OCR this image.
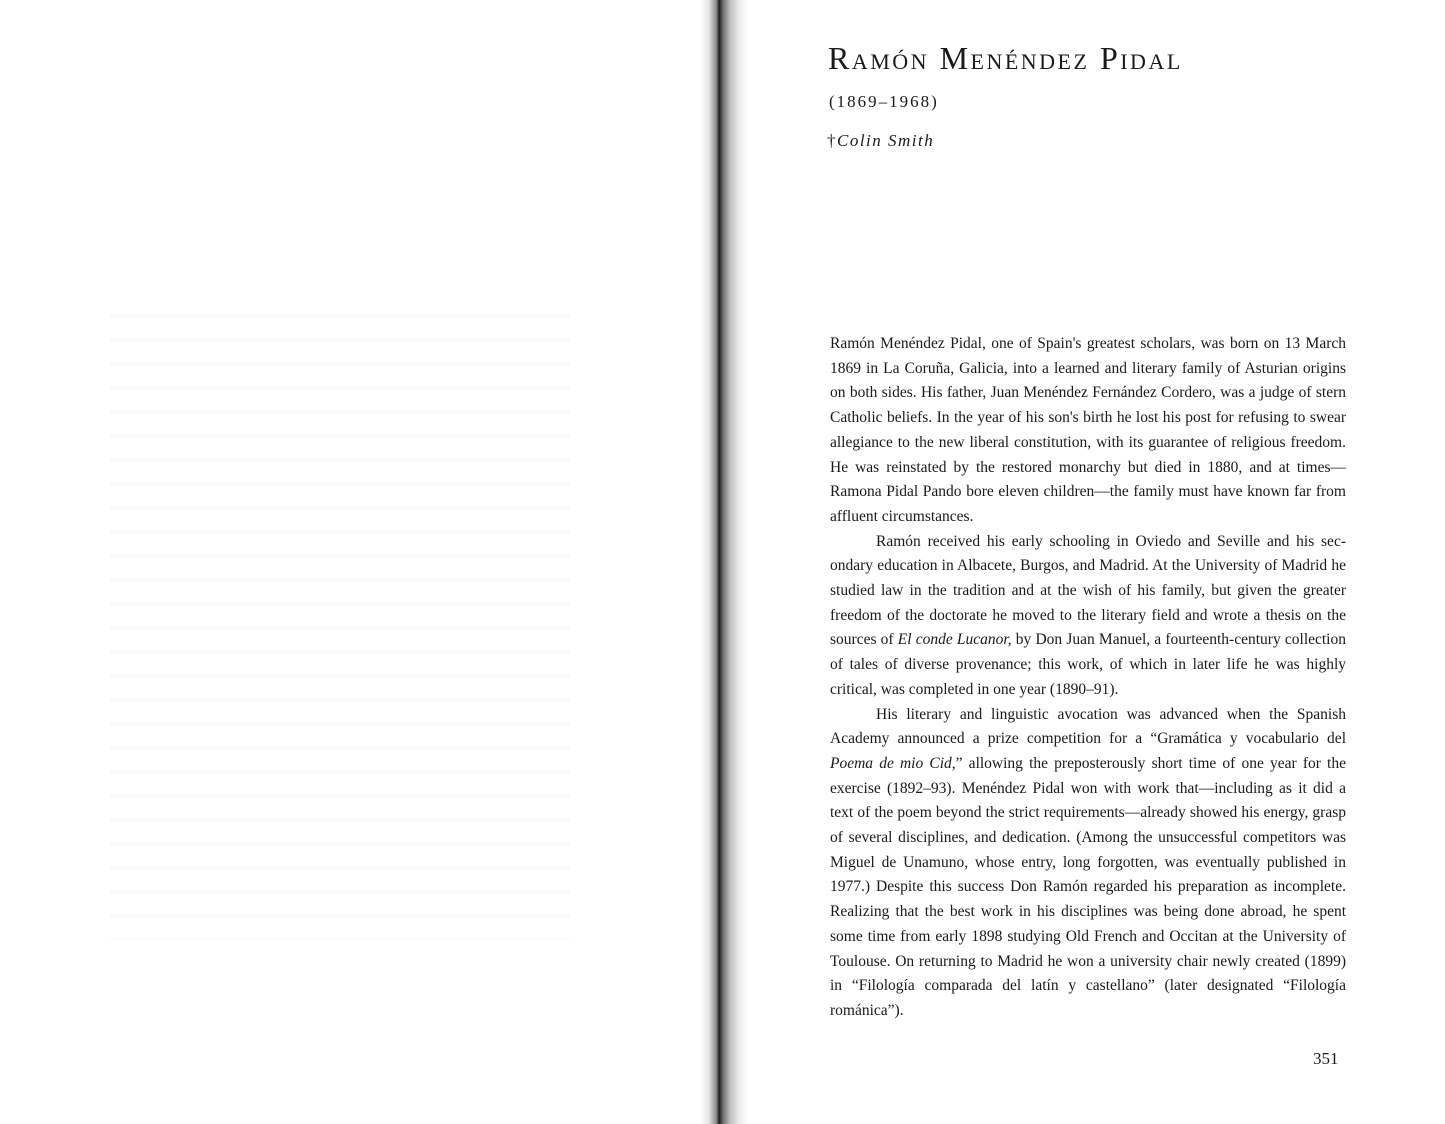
Ramón Menéndez Pidal
(1869–1968)
†Colin Smith

Ramón Menéndez Pidal, one of Spain's greatest scholars, was born on 13 March 1869 in La Coruña, Galicia, into a learned and literary family of Asturian origins on both sides. His father, Juan Menéndez Fernández Cordero, was a judge of stern Catholic beliefs. In the year of his son's birth he lost his post for refusing to swear allegiance to the new liberal constitution, with its guarantee of religious freedom. He was reinstated by the restored monarchy but died in 1880, and at times—Ramona Pidal Pando bore eleven children—the family must have known far from affluent circumstances.

Ramón received his early schooling in Oviedo and Seville and his secondary education in Albacete, Burgos, and Madrid. At the University of Madrid he studied law in the tradition and at the wish of his family, but given the greater freedom of the doctorate he moved to the literary field and wrote a thesis on the sources of El conde Lucanor, by Don Juan Manuel, a fourteenth-century collection of tales of diverse provenance; this work, of which in later life he was highly critical, was completed in one year (1890–91).

His literary and linguistic avocation was advanced when the Spanish Academy announced a prize competition for a “Gramática y vocabulario del Poema de mio Cid,” allowing the preposterously short time of one year for the exercise (1892–93). Menéndez Pidal won with work that—including as it did a text of the poem beyond the strict requirements—already showed his energy, grasp of several disciplines, and dedication. (Among the unsuccessful competitors was Miguel de Unamuno, whose entry, long forgotten, was eventually published in 1977.) Despite this success Don Ramón regarded his preparation as incomplete. Realizing that the best work in his disciplines was being done abroad, he spent some time from early 1898 studying Old French and Occitan at the University of Toulouse. On returning to Madrid he won a university chair newly created (1899) in “Filología comparada del latín y castellano” (later designated “Filología románica”).

351
